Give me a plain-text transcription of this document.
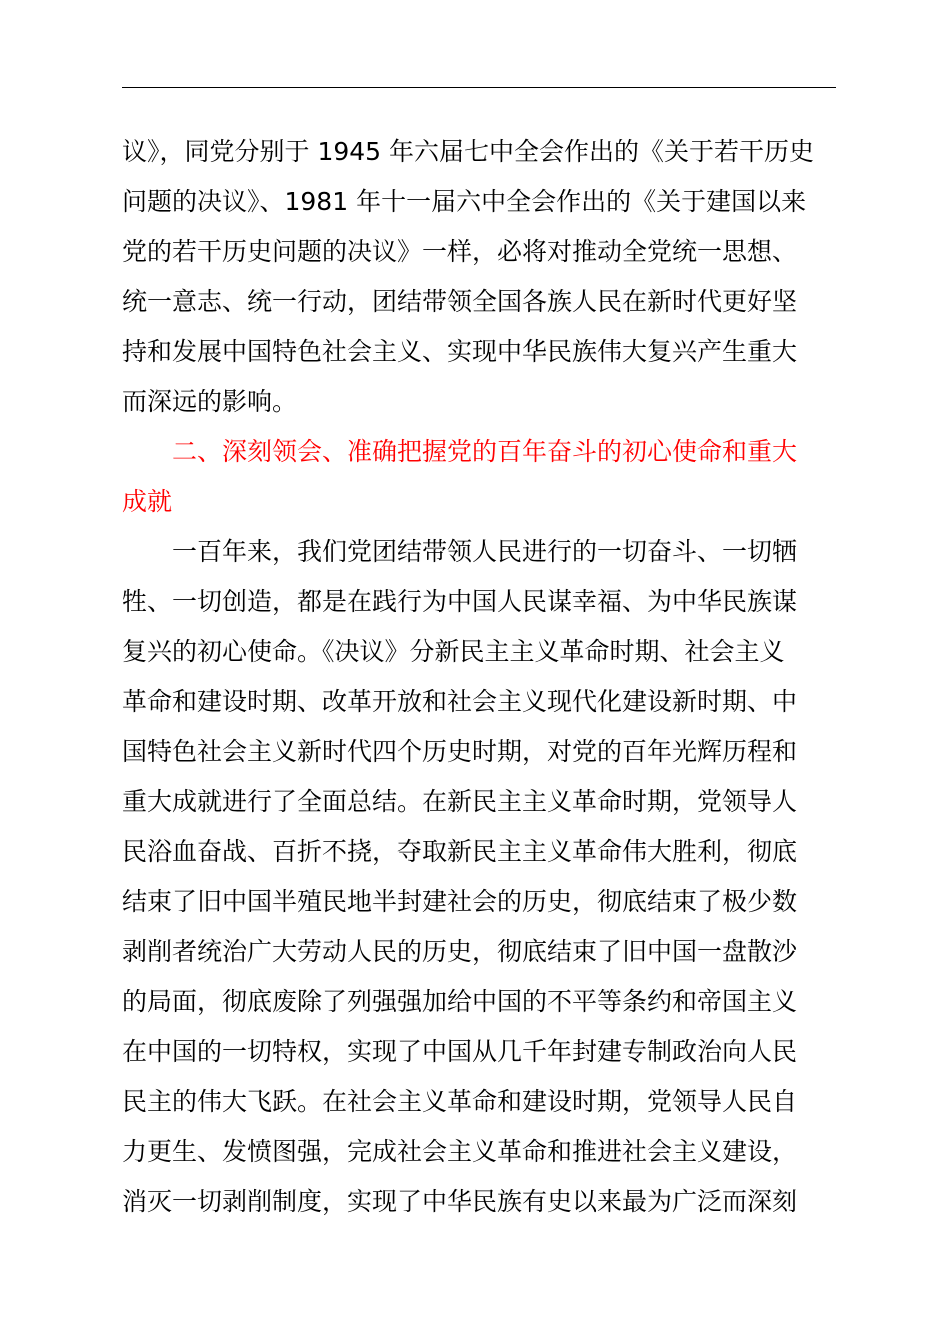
议》，同党分别于 1945 年六届七中全会作出的《关于若干历史
问题的决议》、1981 年十一届六中全会作出的《关于建国以来
党的若干历史问题的决议》一样，必将对推动全党统一思想、
统一意志、统一行动，团结带领全国各族人民在新时代更好坚
持和发展中国特色社会主义、实现中华民族伟大复兴产生重大
而深远的影响。
二、深刻领会、准确把握党的百年奋斗的初心使命和重大
成就
一百年来，我们党团结带领人民进行的一切奋斗、一切牺
牲、一切创造，都是在践行为中国人民谋幸福、为中华民族谋
复兴的初心使命。《决议》分新民主主义革命时期、社会主义
革命和建设时期、改革开放和社会主义现代化建设新时期、中
国特色社会主义新时代四个历史时期，对党的百年光辉历程和
重大成就进行了全面总结。在新民主主义革命时期，党领导人
民浴血奋战、百折不挠，夺取新民主主义革命伟大胜利，彻底
结束了旧中国半殖民地半封建社会的历史，彻底结束了极少数
剥削者统治广大劳动人民的历史，彻底结束了旧中国一盘散沙
的局面，彻底废除了列强强加给中国的不平等条约和帝国主义
在中国的一切特权，实现了中国从几千年封建专制政治向人民
民主的伟大飞跃。在社会主义革命和建设时期，党领导人民自
力更生、发愤图强，完成社会主义革命和推进社会主义建设，
消灭一切剥削制度，实现了中华民族有史以来最为广泛而深刻
